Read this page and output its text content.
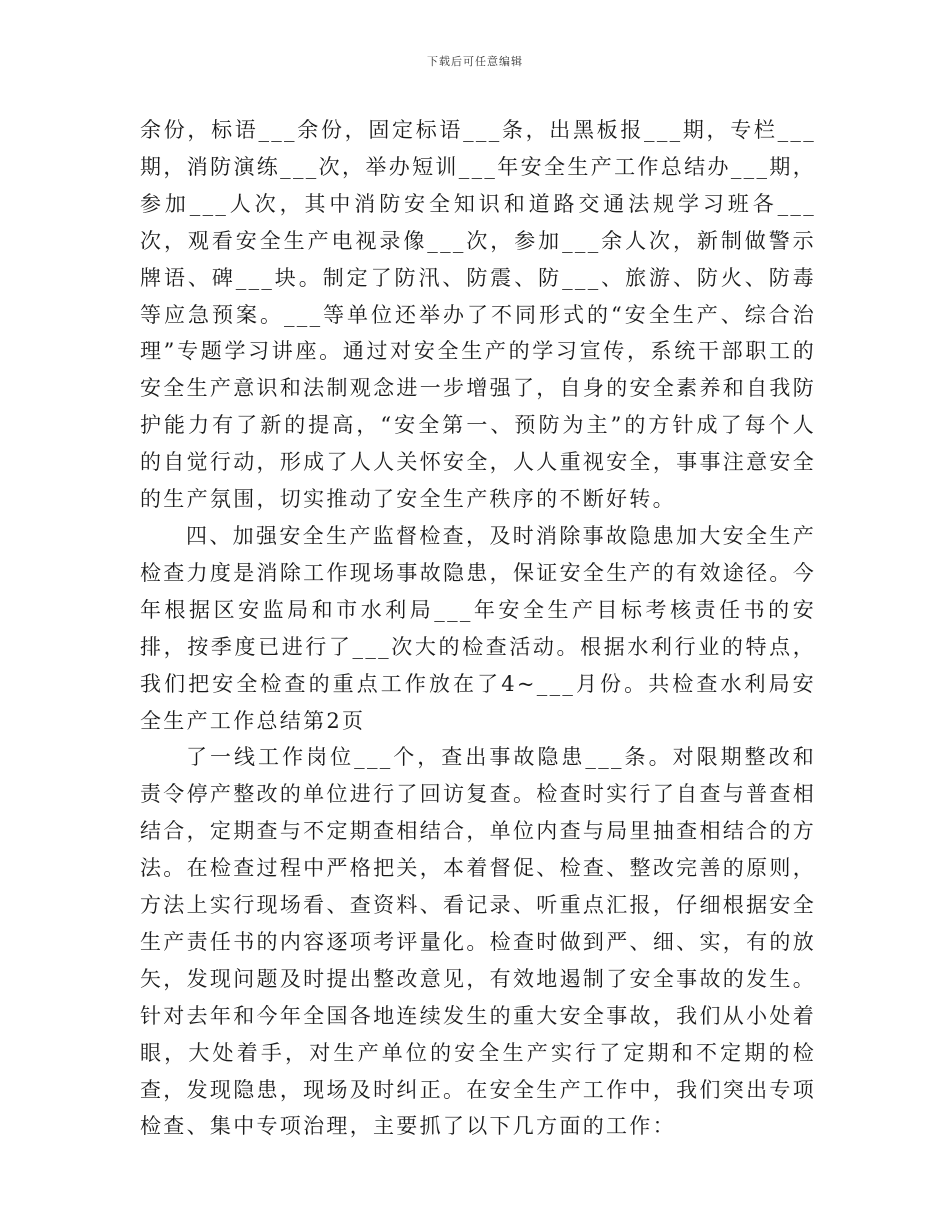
下载后可任意编辑

余份，标语___余份，固定标语___条，出黑板报___期，专栏___期，消防演练___次，举办短训___年安全生产工作总结办___期，参加___人次，其中消防安全知识和道路交通法规学习班各___次，观看安全生产电视录像___次，参加___余人次，新制做警示牌语、碑___块。制定了防汛、防震、防___、旅游、防火、防毒等应急预案。___等单位还举办了不同形式的“安全生产、综合治理”专题学习讲座。通过对安全生产的学习宣传，系统干部职工的安全生产意识和法制观念进一步增强了，自身的安全素养和自我防护能力有了新的提高，“安全第一、预防为主”的方针成了每个人的自觉行动，形成了人人关怀安全，人人重视安全，事事注意安全的生产氛围，切实推动了安全生产秩序的不断好转。

四、加强安全生产监督检查，及时消除事故隐患加大安全生产检查力度是消除工作现场事故隐患，保证安全生产的有效途径。今年根据区安监局和市水利局___年安全生产目标考核责任书的安排，按季度已进行了___次大的检查活动。根据水利行业的特点，我们把安全检查的重点工作放在了4~___月份。共检查水利局安全生产工作总结第2页

了一线工作岗位___个，查出事故隐患___条。对限期整改和责令停产整改的单位进行了回访复查。检查时实行了自查与普查相结合，定期查与不定期查相结合，单位内查与局里抽查相结合的方法。在检查过程中严格把关，本着督促、检查、整改完善的原则，方法上实行现场看、查资料、看记录、听重点汇报，仔细根据安全生产责任书的内容逐项考评量化。检查时做到严、细、实，有的放矢，发现问题及时提出整改意见，有效地遏制了安全事故的发生。针对去年和今年全国各地连续发生的重大安全事故，我们从小处着眼，大处着手，对生产单位的安全生产实行了定期和不定期的检查，发现隐患，现场及时纠正。在安全生产工作中，我们突出专项检查、集中专项治理，主要抓了以下几方面的工作：
